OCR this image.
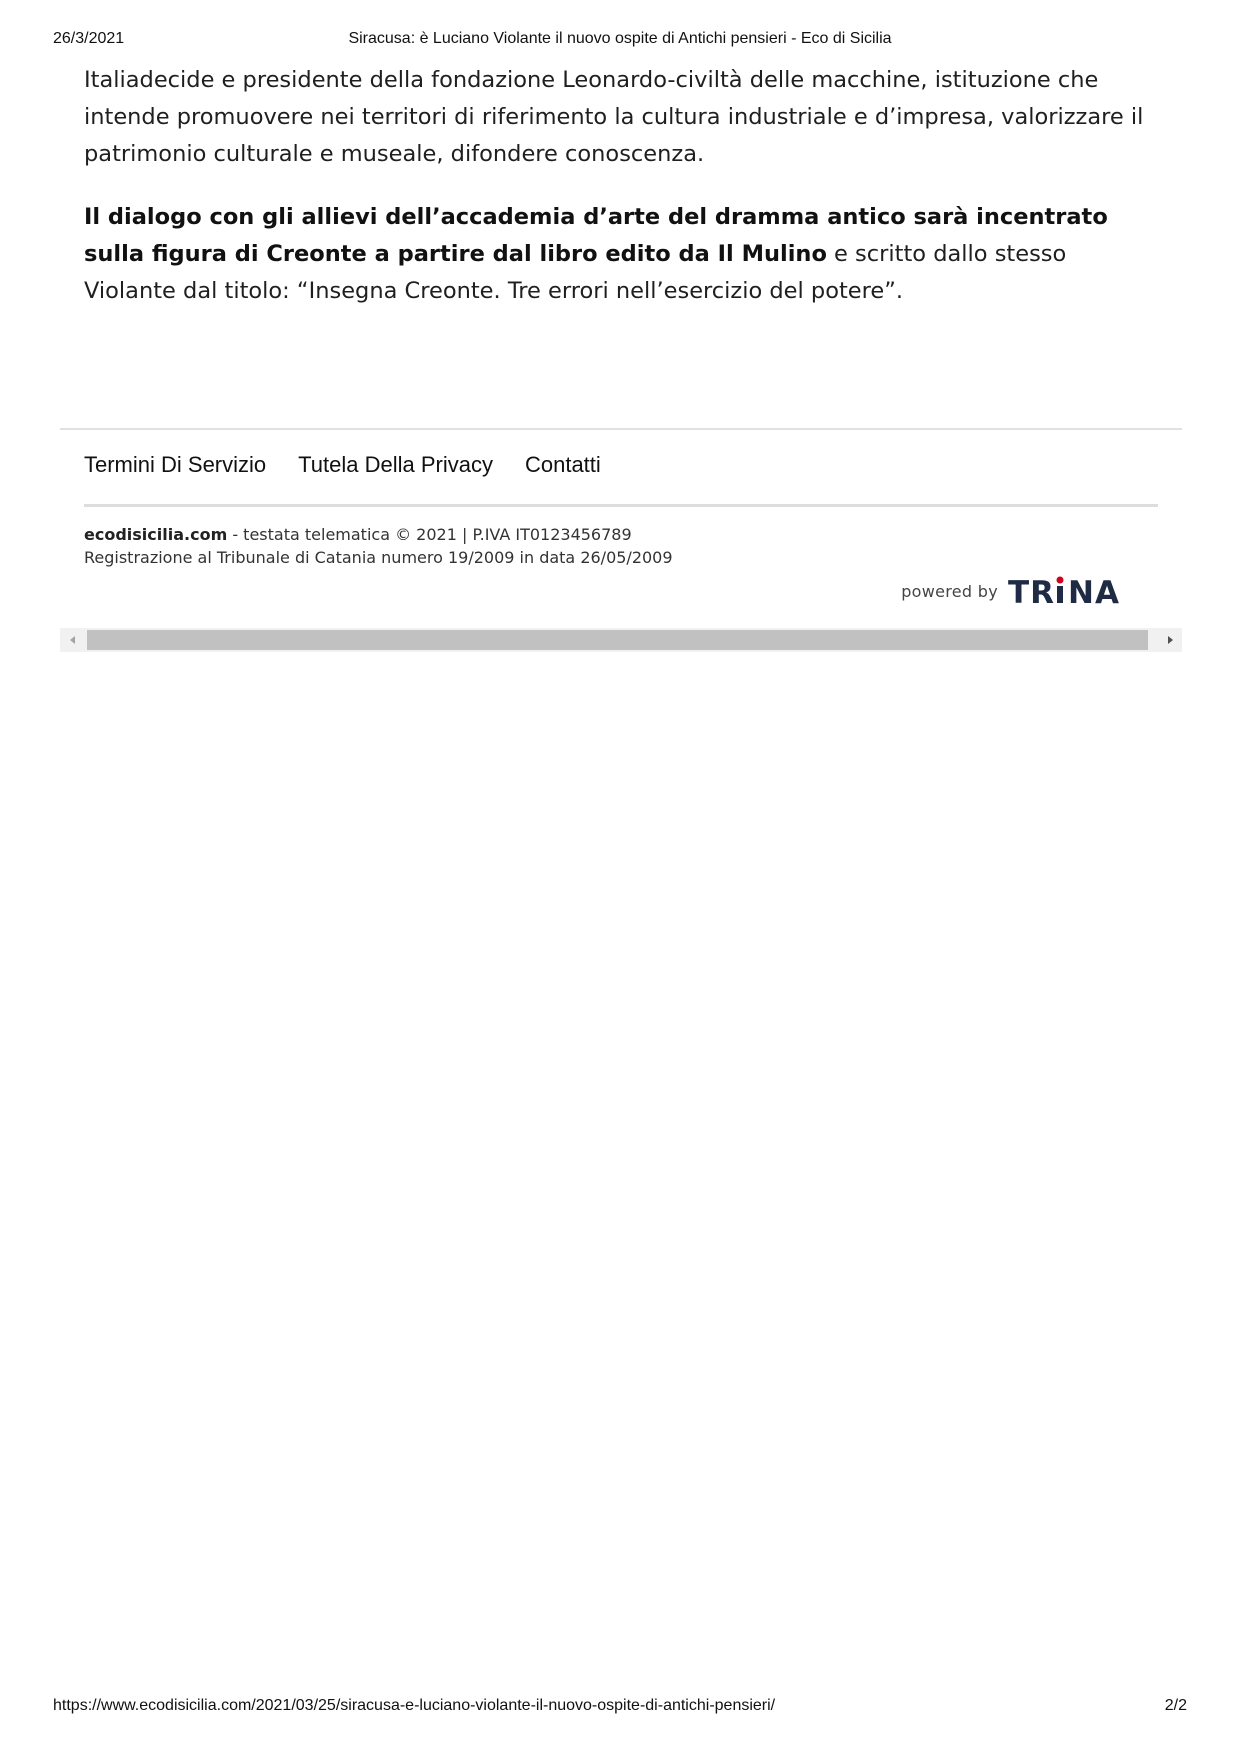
26/3/2021	Siracusa: è Luciano Violante il nuovo ospite di Antichi pensieri - Eco di Sicilia

Italiadecide e presidente della fondazione Leonardo-civiltà delle macchine, istituzione che intende promuovere nei territori di riferimento la cultura industriale e d’impresa, valorizzare il patrimonio culturale e museale, difondere conoscenza.

Il dialogo con gli allievi dell’accademia d’arte del dramma antico sarà incentrato sulla figura di Creonte a partire dal libro edito da Il Mulino e scritto dallo stesso Violante dal titolo: “Insegna Creonte. Tre errori nell’esercizio del potere”.

Termini Di Servizio Tutela Della Privacy Contatti
ecodisicilia.com - testata telematica © 2021 | P.IVA IT0123456789
Registrazione al Tribunale di Catania numero 19/2009 in data 26/05/2009
powered by TR NA
https://www.ecodisicilia.com/2021/03/25/siracusa-e-luciano-violante-il-nuovo-ospite-di-antichi-pensieri/	2/2
